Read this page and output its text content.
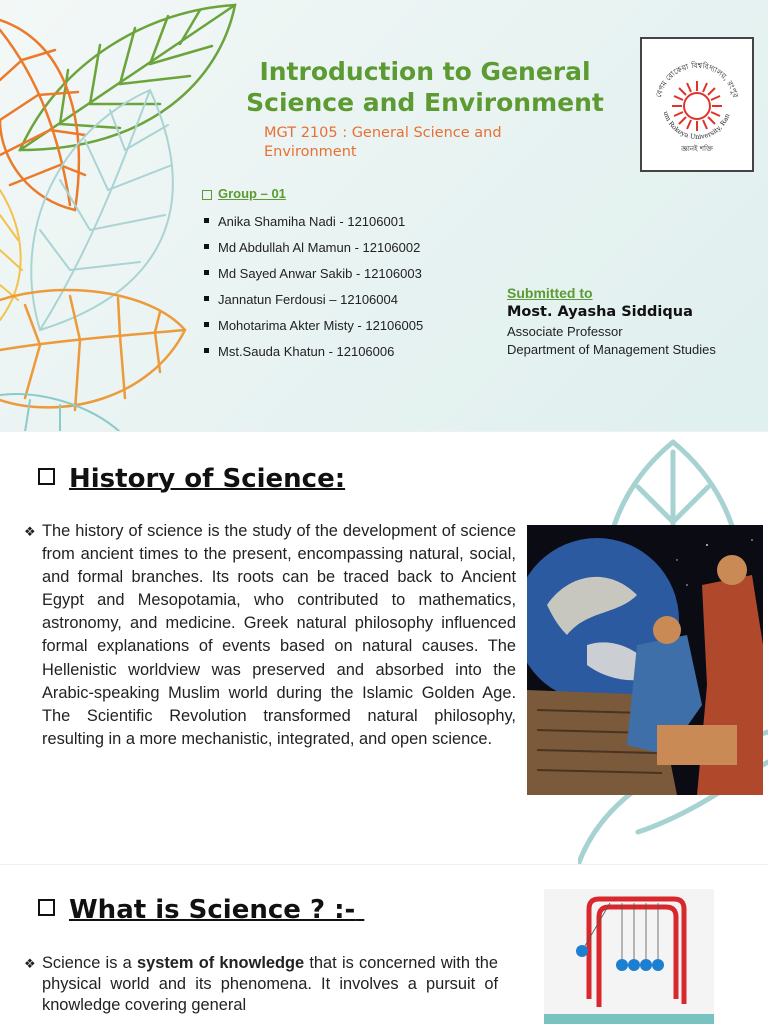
Introduction to General
Science and Environment
MGT 2105 : General Science and
Environment
বেগম রোকেয়া বিশ্ববিদ্যালয়, রংপুর
um Rokeya University, Ran
জ্ঞানই শক্তি
Group – 01
Anika Shamiha Nadi - 12106001
Md Abdullah Al Mamun - 12106002
Md Sayed Anwar Sakib - 12106003
Jannatun Ferdousi – 12106004
Mohotarima Akter Misty - 12106005
Mst.Sauda Khatun - 12106006
Submitted to
Most. Ayasha Siddiqua
Associate Professor
Department of Management Studies
History of Science:

❖ The history of science is the study of the development of science from ancient times to the present, encompassing natural, social, and formal branches. Its roots can be traced back to Ancient Egypt and Mesopotamia, who contributed to mathematics, astronomy, and medicine. Greek natural philosophy influenced formal explanations of events based on natural causes. The Hellenistic worldview was preserved and absorbed into the Arabic-speaking Muslim world during the Islamic Golden Age. The Scientific Revolution transformed natural philosophy, resulting in a more mechanistic, integrated, and open science.

What is Science ? :-

❖ Science is a system of knowledge that is concerned with the physical world and its phenomena. It involves a pursuit of knowledge covering general
